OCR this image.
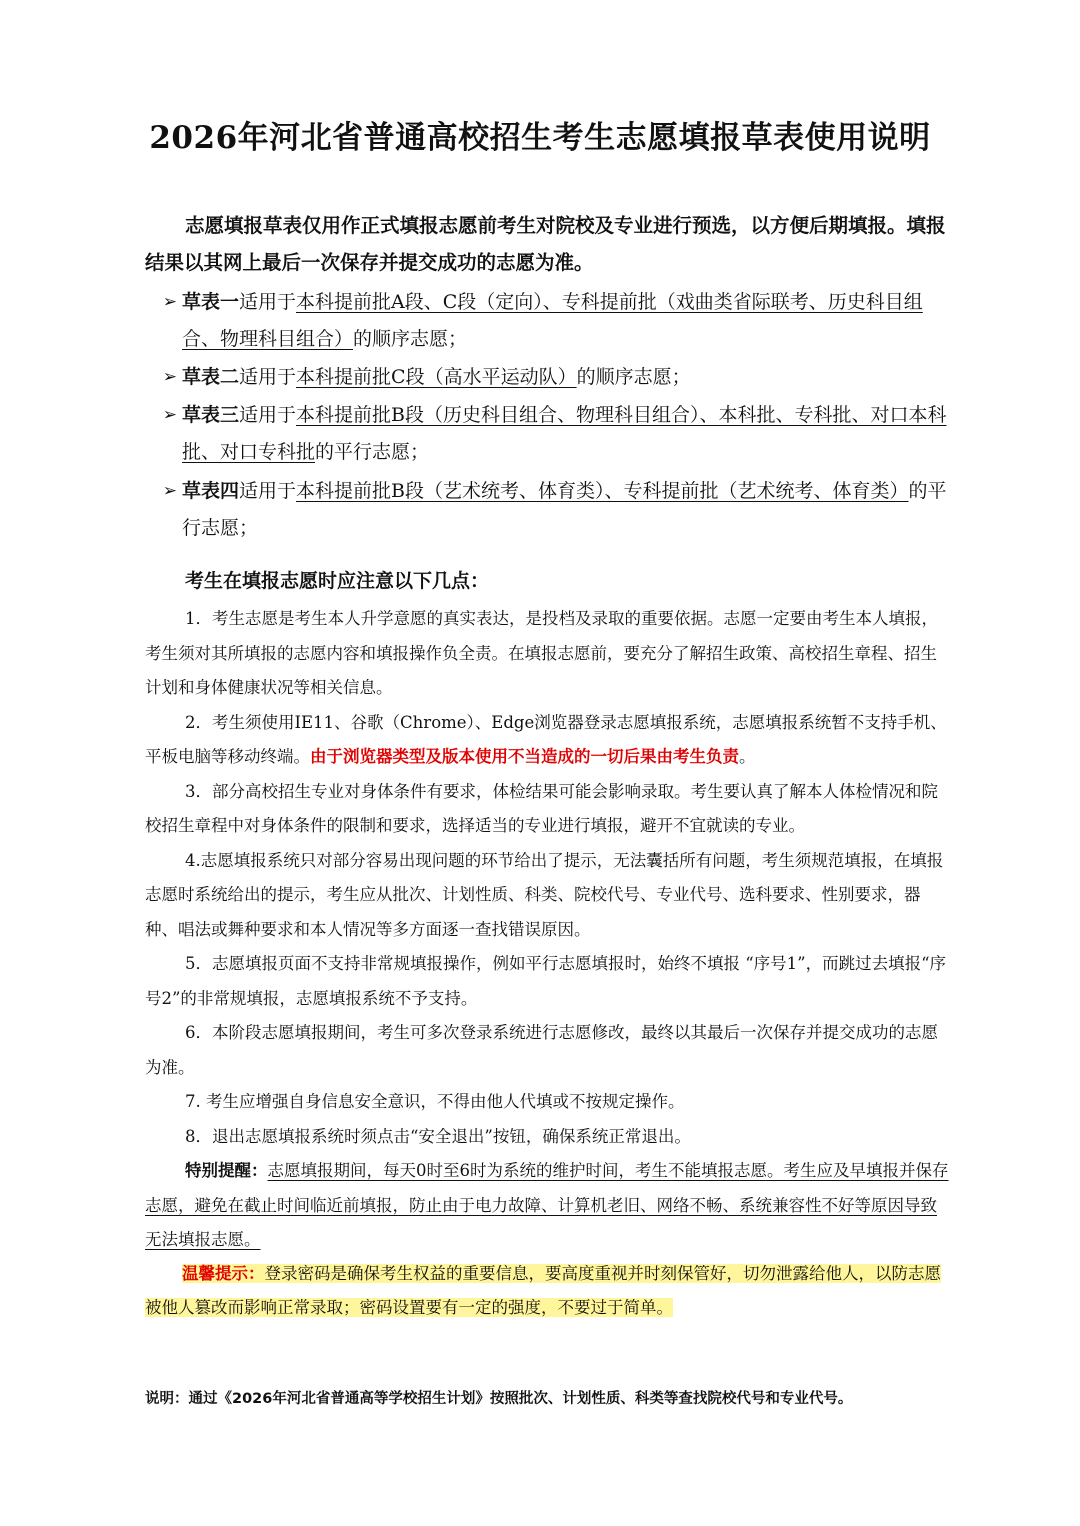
2026年河北省普通高校招生考生志愿填报草表使用说明
志愿填报草表仅用作正式填报志愿前考生对院校及专业进行预选，以方便后期填报。填报结果以其网上最后一次保存并提交成功的志愿为准。
➢ 草表一适用于本科提前批A段、C段（定向）、专科提前批（戏曲类省际联考、历史科目组合、物理科目组合）的顺序志愿；
➢ 草表二适用于本科提前批C段（高水平运动队）的顺序志愿；
➢ 草表三适用于本科提前批B段（历史科目组合、物理科目组合）、本科批、专科批、对口本科批、对口专科批的平行志愿；
➢ 草表四适用于本科提前批B段（艺术统考、体育类）、专科提前批（艺术统考、体育类）的平行志愿；
考生在填报志愿时应注意以下几点：

1．考生志愿是考生本人升学意愿的真实表达，是投档及录取的重要依据。志愿一定要由考生本人填报，考生须对其所填报的志愿内容和填报操作负全责。在填报志愿前，要充分了解招生政策、高校招生章程、招生计划和身体健康状况等相关信息。

2．考生须使用IE11、谷歌（Chrome）、Edge浏览器登录志愿填报系统，志愿填报系统暂不支持手机、平板电脑等移动终端。由于浏览器类型及版本使用不当造成的一切后果由考生负责。

3．部分高校招生专业对身体条件有要求，体检结果可能会影响录取。考生要认真了解本人体检情况和院校招生章程中对身体条件的限制和要求，选择适当的专业进行填报，避开不宜就读的专业。

4.志愿填报系统只对部分容易出现问题的环节给出了提示，无法囊括所有问题，考生须规范填报，在填报志愿时系统给出的提示，考生应从批次、计划性质、科类、院校代号、专业代号、选科要求、性别要求，器种、唱法或舞种要求和本人情况等多方面逐一查找错误原因。

5．志愿填报页面不支持非常规填报操作，例如平行志愿填报时，始终不填报 “序号1”，而跳过去填报“序号2”的非常规填报，志愿填报系统不予支持。

6．本阶段志愿填报期间，考生可多次登录系统进行志愿修改，最终以其最后一次保存并提交成功的志愿为准。

7. 考生应增强自身信息安全意识，不得由他人代填或不按规定操作。

8．退出志愿填报系统时须点击“安全退出”按钮，确保系统正常退出。

特别提醒：志愿填报期间，每天0时至6时为系统的维护时间，考生不能填报志愿。考生应及早填报并保存志愿，避免在截止时间临近前填报，防止由于电力故障、计算机老旧、网络不畅、系统兼容性不好等原因导致无法填报志愿。

温馨提示：登录密码是确保考生权益的重要信息，要高度重视并时刻保管好，切勿泄露给他人，以防志愿被他人篡改而影响正常录取；密码设置要有一定的强度，不要过于简单。
说明：通过《2026年河北省普通高等学校招生计划》按照批次、计划性质、科类等查找院校代号和专业代号。
